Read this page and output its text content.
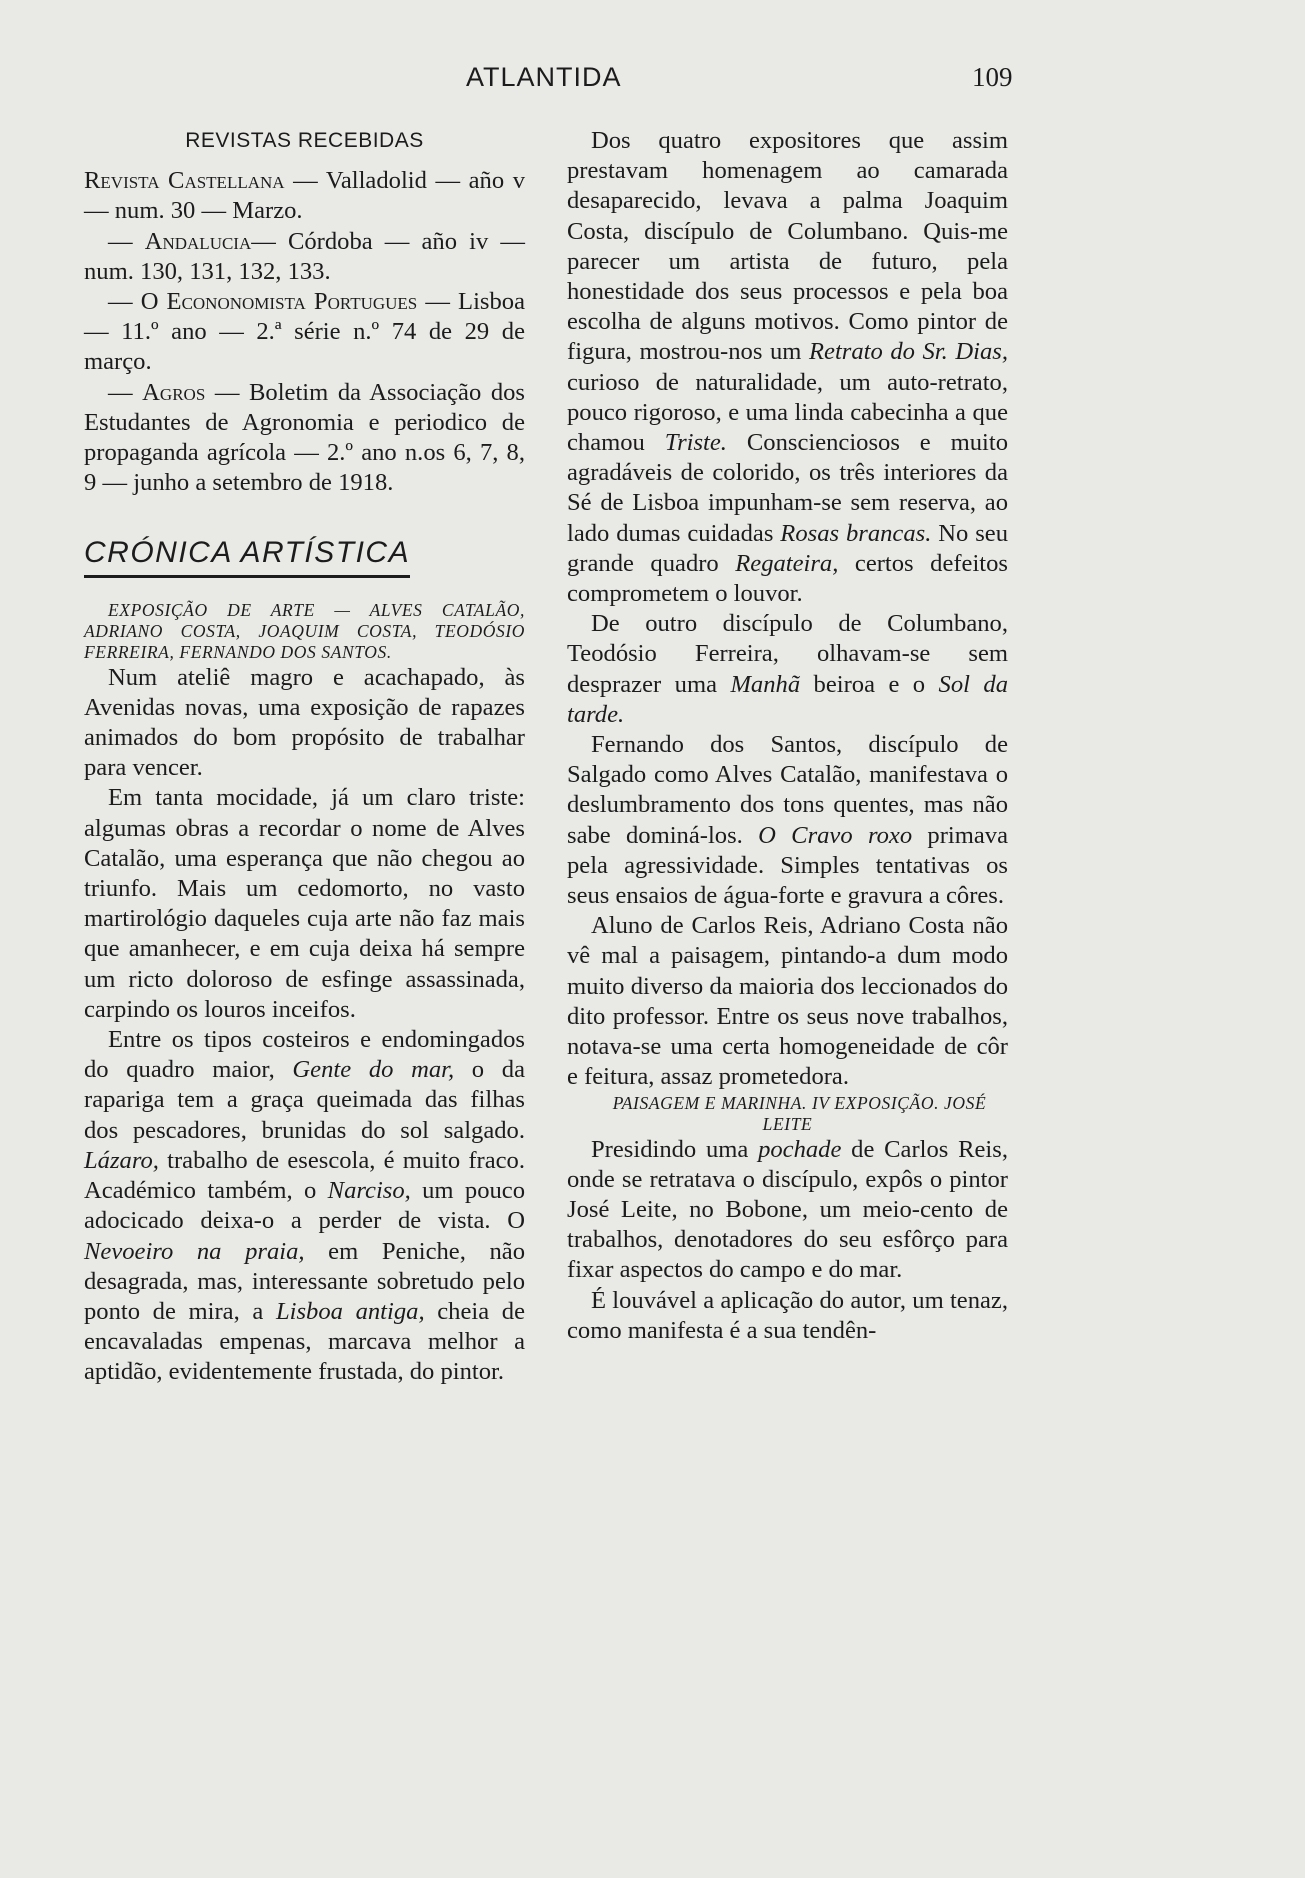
ATLANTIDA	109
REVISTAS RECEBIDAS

Revista Castellana — Valladolid — año v — num. 30 — Marzo.

— Andalucia— Córdoba — año iv — num. 130, 131, 132, 133.

— O Econonomista Portugues — Lisboa — 11.º ano — 2.ª série n.º 74 de 29 de março.

— Agros — Boletim da Associação dos Estudantes de Agronomia e periodico de propaganda agrícola — 2.º ano n.os 6, 7, 8, 9 — junho a setembro de 1918.

CRÓNICA ARTÍSTICA

EXPOSIÇÃO DE ARTE — ALVES CATALÃO, ADRIANO COSTA, JOAQUIM COSTA, TEODÓSIO FERREIRA, FERNANDO DOS SANTOS.

Num ateliê magro e acachapado, às Avenidas novas, uma exposição de rapazes animados do bom propósito de trabalhar para vencer.

Em tanta mocidade, já um claro triste: algumas obras a recordar o nome de Alves Catalão, uma esperança que não chegou ao triunfo. Mais um cedomorto, no vasto martirológio daqueles cuja arte não faz mais que amanhecer, e em cuja deixa há sempre um ricto doloroso de esfinge assassinada, carpindo os louros inceifos.

Entre os tipos costeiros e endomingados do quadro maior, Gente do mar, o da rapariga tem a graça queimada das filhas dos pescadores, brunidas do sol salgado. Lázaro, trabalho de esescola, é muito fraco. Académico também, o Narciso, um pouco adocicado deixa-o a perder de vista. O Nevoeiro na praia, em Peniche, não desagrada, mas, interessante sobretudo pelo ponto de mira, a Lisboa antiga, cheia de encavaladas empenas, marcava melhor a aptidão, evidentemente frustada, do pintor.

Dos quatro expositores que assim prestavam homenagem ao camarada desaparecido, levava a palma Joaquim Costa, discípulo de Columbano. Quis-me parecer um artista de futuro, pela honestidade dos seus processos e pela boa escolha de alguns motivos. Como pintor de figura, mostrou-nos um Retrato do Sr. Dias, curioso de naturalidade, um auto-retrato, pouco rigoroso, e uma linda cabecinha a que chamou Triste. Conscienciosos e muito agradáveis de colorido, os três interiores da Sé de Lisboa impunham-se sem reserva, ao lado dumas cuidadas Rosas brancas. No seu grande quadro Regateira, certos defeitos comprometem o louvor.

De outro discípulo de Columbano, Teodósio Ferreira, olhavam-se sem desprazer uma Manhã beiroa e o Sol da tarde.

Fernando dos Santos, discípulo de Salgado como Alves Catalão, manifestava o deslumbramento dos tons quentes, mas não sabe dominá-los. O Cravo roxo primava pela agressividade. Simples tentativas os seus ensaios de água-forte e gravura a côres.

Aluno de Carlos Reis, Adriano Costa não vê mal a paisagem, pintando-a dum modo muito diverso da maioria dos leccionados do dito professor. Entre os seus nove trabalhos, notava-se uma certa homogeneidade de côr e feitura, assaz prometedora.

PAISAGEM E MARINHA. IV EXPOSIÇÃO. JOSÉ LEITE

Presidindo uma pochade de Carlos Reis, onde se retratava o discípulo, expôs o pintor José Leite, no Bobone, um meio-cento de trabalhos, denotadores do seu esfôrço para fixar aspectos do campo e do mar.

É louvável a aplicação do autor, um tenaz, como manifesta é a sua tendên-
